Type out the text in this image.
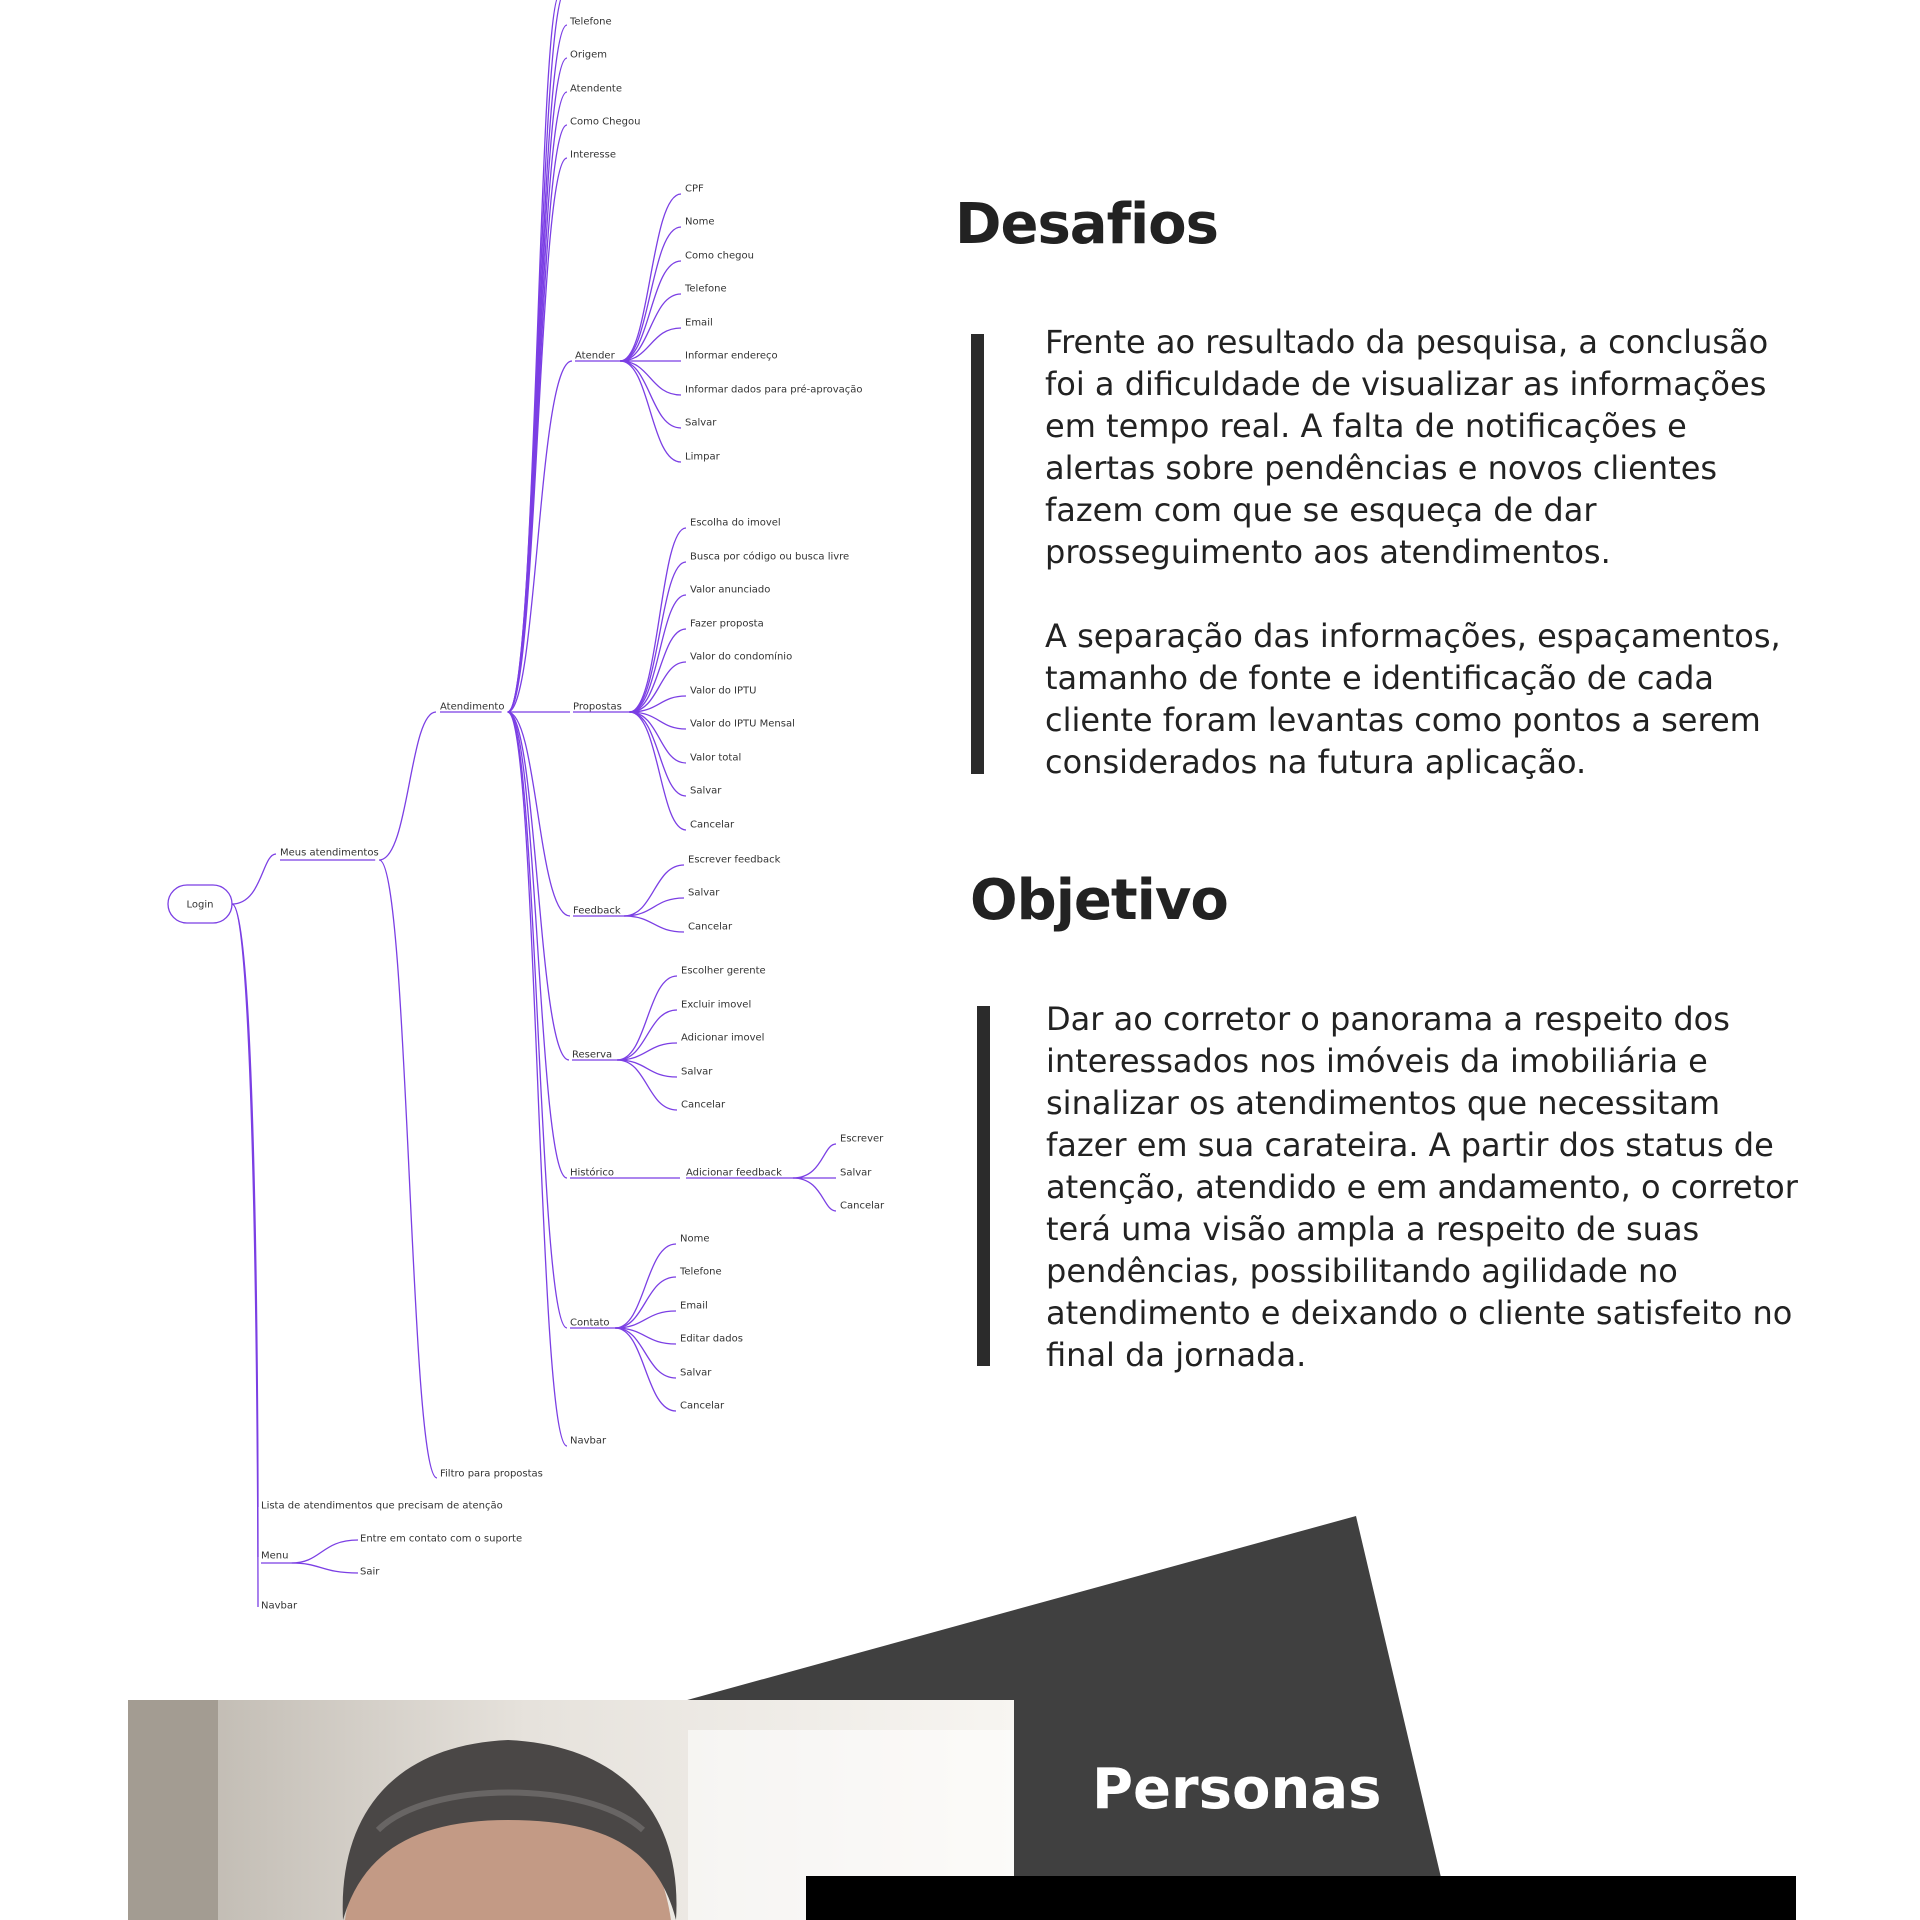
Login
Meus atendimentos
Lista de atendimentos que precisam de atenção
Menu
Navbar
Entre em contato com o suporte
Sair
Atendimento
Filtro para propostas
Telefone
Origem
Atendente
Como Chegou
Interesse
Atender
CPF
Nome
Como chegou
Telefone
Email
Informar endereço
Informar dados para pré-aprovação
Salvar
Limpar
Propostas
Escolha do imovel
Busca por código ou busca livre
Valor anunciado
Fazer proposta
Valor do condomínio
Valor do IPTU
Valor do IPTU Mensal
Valor total
Salvar
Cancelar
Feedback
Escrever feedback
Salvar
Cancelar
Reserva
Escolher gerente
Excluir imovel
Adicionar imovel
Salvar
Cancelar
Contato
Nome
Telefone
Email
Editar dados
Salvar
Cancelar
Histórico	Adicionar feedback
Escrever
Salvar
Cancelar
Navbar
Desafios

Frente ao resultado da pesquisa, a conclusão
foi a dificuldade de visualizar as informações
em tempo real. A falta de notificações e
alertas sobre pendências e novos clientes
fazem com que se esqueça de dar
prosseguimento aos atendimentos.

A separação das informações, espaçamentos,
tamanho de fonte e identificação de cada
cliente foram levantas como pontos a serem
considerados na futura aplicação.

Objetivo

Dar ao corretor o panorama a respeito dos
interessados nos imóveis da imobiliária e
sinalizar os atendimentos que necessitam
fazer em sua carateira. A partir dos status de
atenção, atendido e em andamento, o corretor
terá uma visão ampla a respeito de suas
pendências, possibilitando agilidade no
atendimento e deixando o cliente satisfeito no
final da jornada.

Personas
